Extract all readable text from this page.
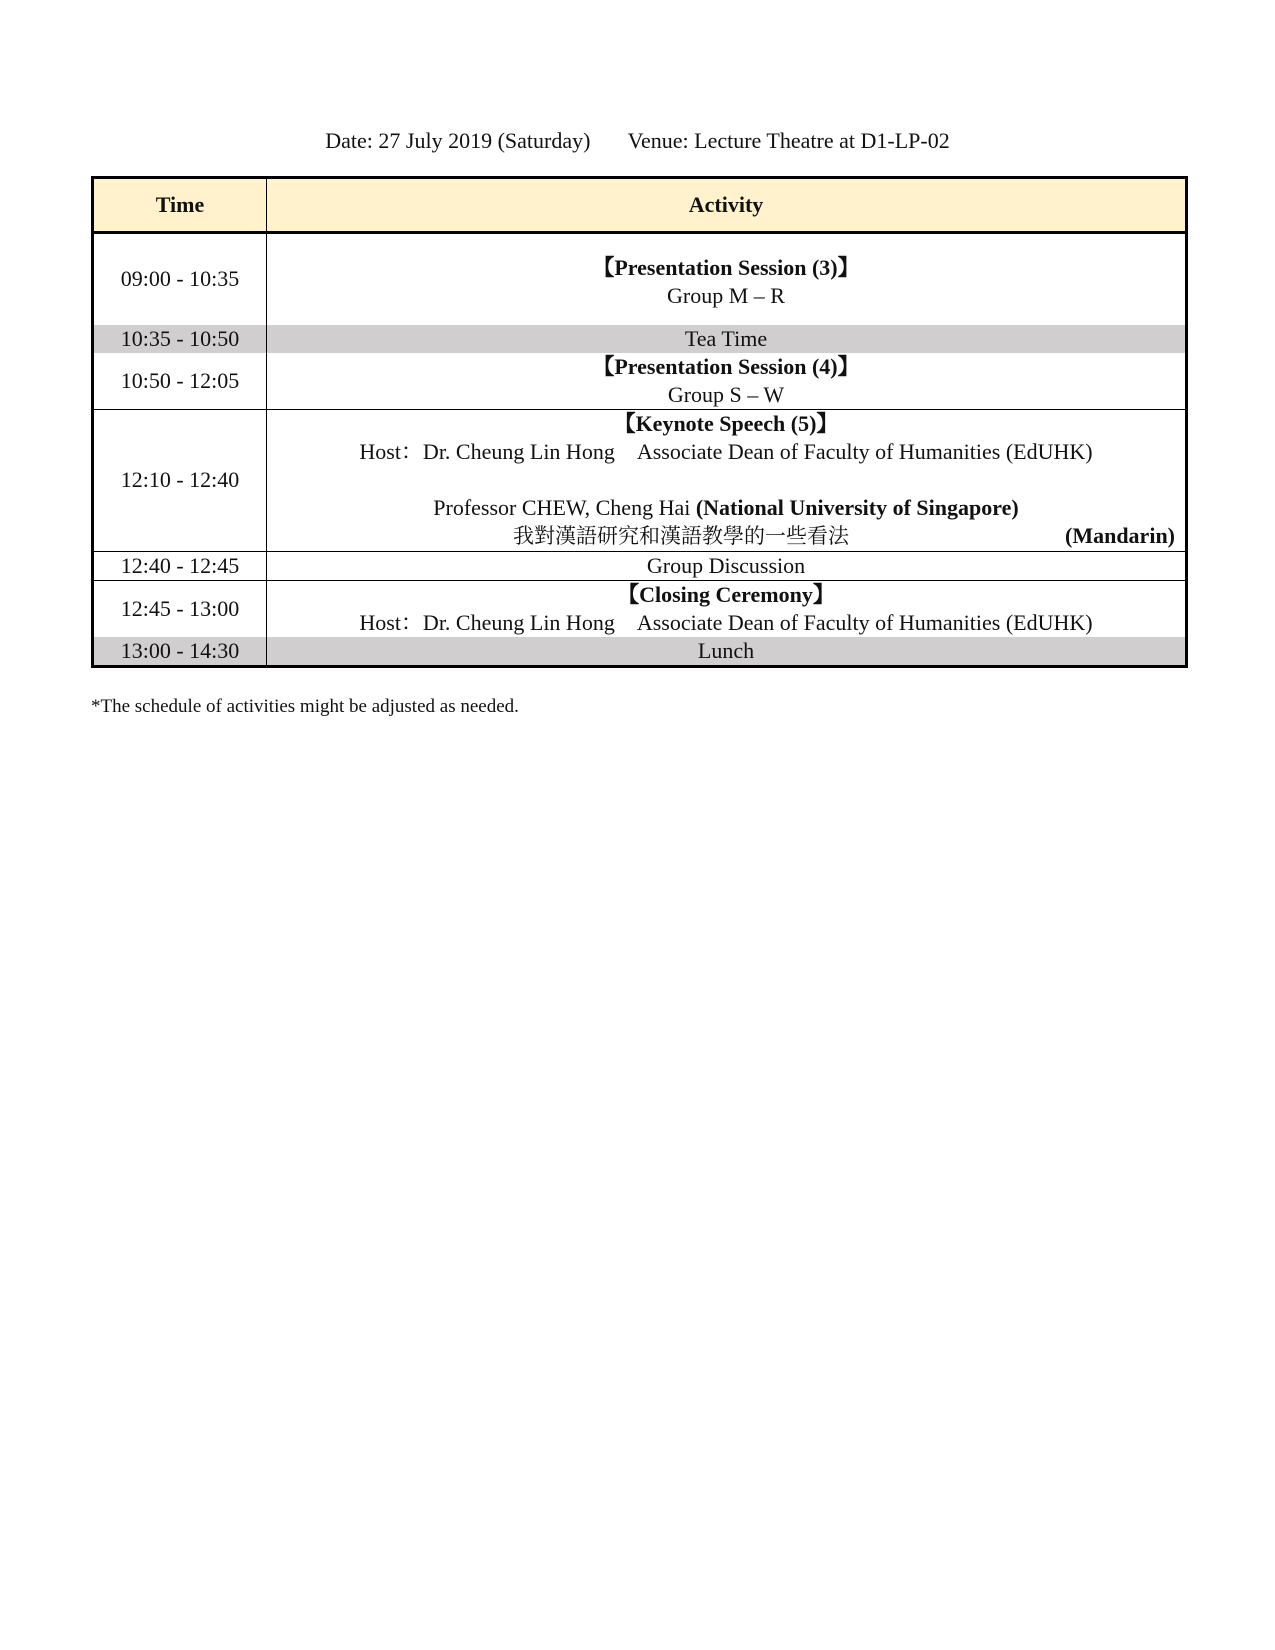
Date: 27 July 2019 (Saturday) Venue: Lecture Theatre at D1-LP-02
Time	Activity
09:00 - 10:35	【Presentation Session (3)】
Group M – R

10:35 - 10:50	Tea Time
10:50 - 12:05	【Presentation Session (4)】
Group S – W

12:10 - 12:40	【Keynote Speech (5)】
Host：Dr. Cheung Lin Hong Associate Dean of Faculty of Humanities (EdUHK)
Professor CHEW, Cheng Hai (National University of Singapore)
我對漢語研究和漢語教學的一些看法 (Mandarin)

12:40 - 12:45	Group Discussion
12:45 - 13:00	【Closing Ceremony】
Host：Dr. Cheung Lin Hong Associate Dean of Faculty of Humanities (EdUHK)

13:00 - 14:30	Lunch
*The schedule of activities might be adjusted as needed.
